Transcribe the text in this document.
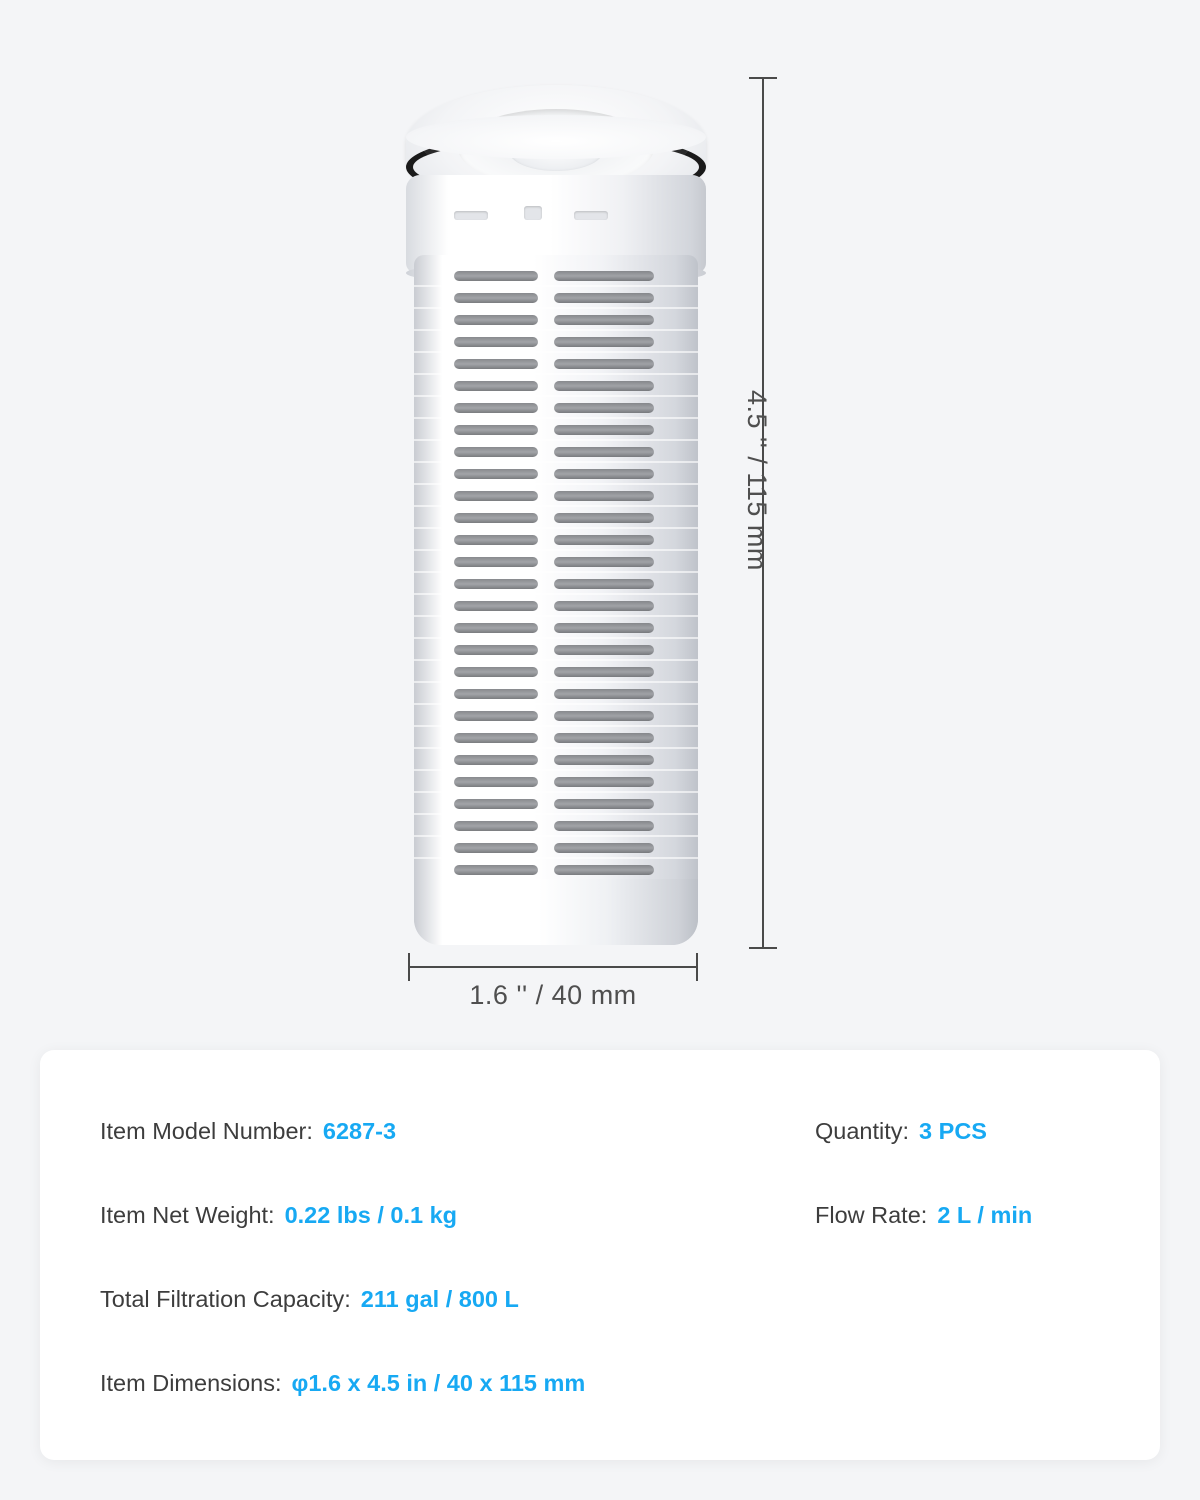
4.5 '' / 115 mm
1.6 '' / 40 mm
Item Model Number: 6287-3	Quantity: 3 PCS
Item Net Weight: 0.22 lbs / 0.1 kg	Flow Rate: 2 L / min
Total Filtration Capacity: 211 gal / 800 L
Item Dimensions: φ1.6 x 4.5 in / 40 x 115 mm
